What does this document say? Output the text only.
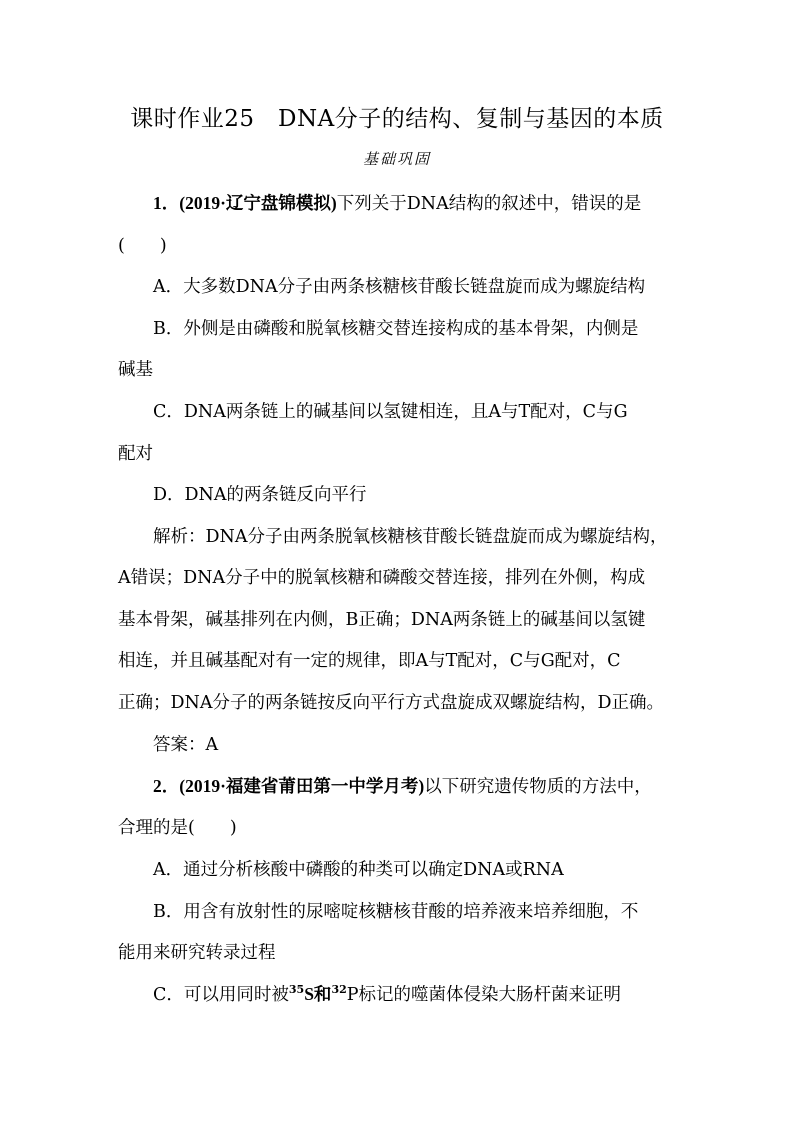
课时作业25　DNA分子的结构、复制与基因的本质
基础巩固
1．(2019·辽宁盘锦模拟)下列关于DNA结构的叙述中，错误的是
(　　)
A．大多数DNA分子由两条核糖核苷酸长链盘旋而成为螺旋结构
B．外侧是由磷酸和脱氧核糖交替连接构成的基本骨架，内侧是
碱基
C．DNA两条链上的碱基间以氢键相连，且A与T配对，C与G
配对
D．DNA的两条链反向平行
解析：DNA分子由两条脱氧核糖核苷酸长链盘旋而成为螺旋结构，
A错误；DNA分子中的脱氧核糖和磷酸交替连接，排列在外侧，构成
基本骨架，碱基排列在内侧，B正确；DNA两条链上的碱基间以氢键
相连，并且碱基配对有一定的规律，即A与T配对，C与G配对，C
正确；DNA分子的两条链按反向平行方式盘旋成双螺旋结构，D正确。
答案：A
2．(2019·福建省莆田第一中学月考)以下研究遗传物质的方法中，
合理的是(　　)
A．通过分析核酸中磷酸的种类可以确定DNA或RNA
B．用含有放射性的尿嘧啶核糖核苷酸的培养液来培养细胞，不
能用来研究转录过程
C．可以用同时被$^{35}$S和$^{32}$P标记的噬菌体侵染大肠杆菌来证明
